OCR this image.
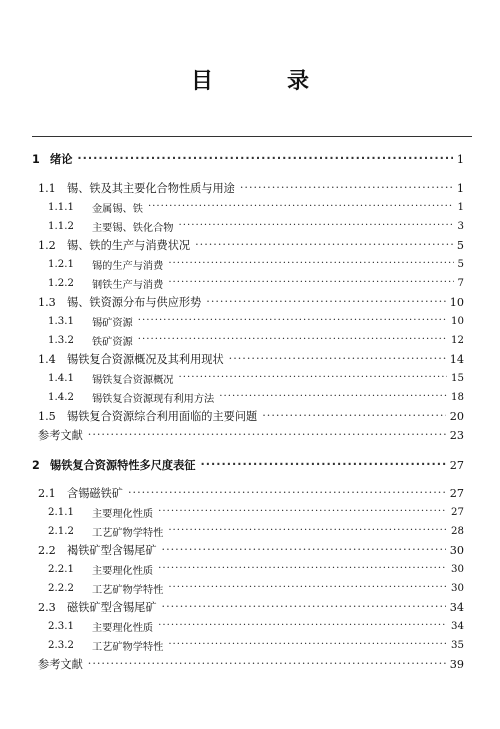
目　录
1 绪论 ·····	1
1.1	锡、铁及其主要化合物性质与用途 ·····	1
1.1.1	金属锡、铁 ·····	1
1.1.2	主要锡、铁化合物 ·····	3
1.2	锡、铁的生产与消费状况 ·····	5
1.2.1	锡的生产与消费 ·····	5
1.2.2	钢铁生产与消费 ·····	7
1.3	锡、铁资源分布与供应形势 ·····	10
1.3.1	锡矿资源 ·····	10
1.3.2	铁矿资源 ·····	12
1.4	锡铁复合资源概况及其利用现状 ·····	14
1.4.1	锡铁复合资源概况 ·····	15
1.4.2	锡铁复合资源现有利用方法 ·····	18
1.5	锡铁复合资源综合利用面临的主要问题 ·····	20
参考文献 ·····	23
2 锡铁复合资源特性多尺度表征 ·····	27
2.1	含锡磁铁矿 ·····	27
2.1.1	主要理化性质 ·····	27
2.1.2	工艺矿物学特性 ·····	28
2.2	褐铁矿型含锡尾矿 ·····	30
2.2.1	主要理化性质 ·····	30
2.2.2	工艺矿物学特性 ·····	30
2.3	磁铁矿型含锡尾矿 ·····	34
2.3.1	主要理化性质 ·····	34
2.3.2	工艺矿物学特性 ·····	35
参考文献 ·····	39
